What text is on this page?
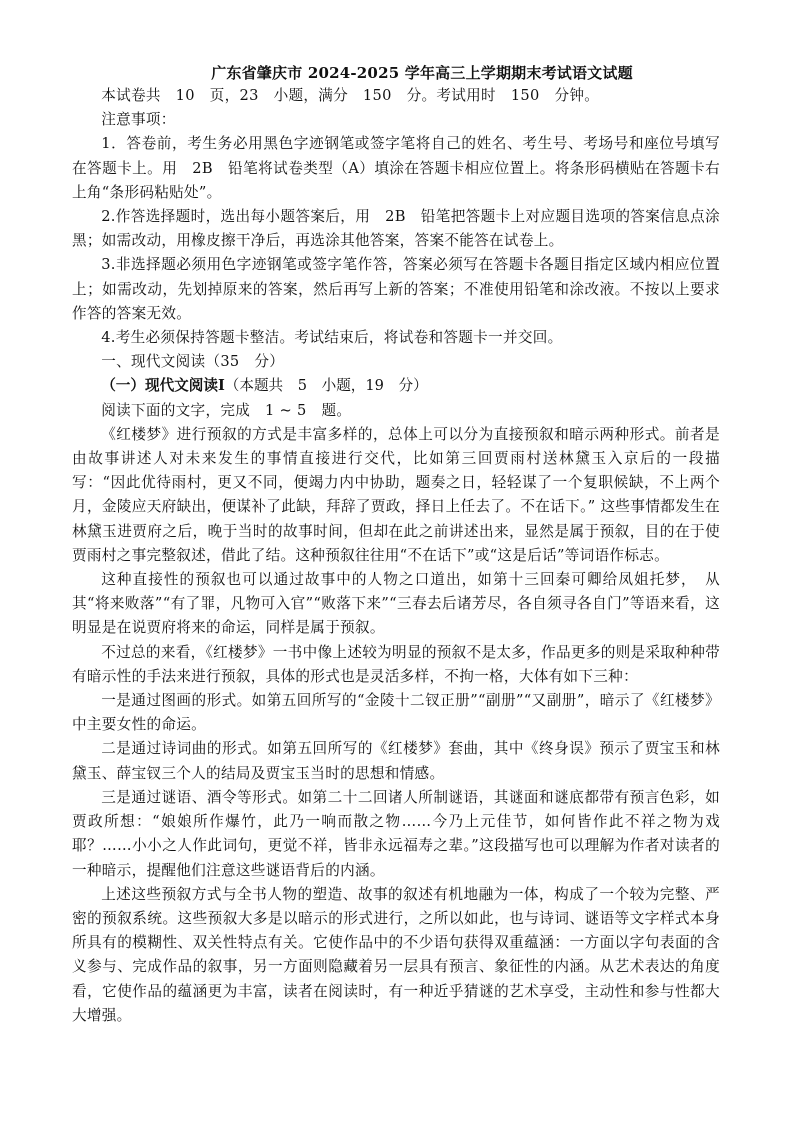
广东省肇庆市 2024-2025 学年高三上学期期末考试语文试题

本试卷共　10　页，23　小题，满分　150　分。考试用时　150　分钟。

注意事项：

1．答卷前，考生务必用黑色字迹钢笔或签字笔将自己的姓名、考生号、考场号和座位号填写在答题卡上。用　2B　铅笔将试卷类型（A）填涂在答题卡相应位置上。将条形码横贴在答题卡右上角“条形码粘贴处”。

2.作答选择题时，选出每小题答案后，用　2B　铅笔把答题卡上对应题目选项的答案信息点涂黑；如需改动，用橡皮擦干净后，再选涂其他答案，答案不能答在试卷上。

3.非选择题必须用色字迹钢笔或签字笔作答，答案必须写在答题卡各题目指定区域内相应位置上；如需改动，先划掉原来的答案，然后再写上新的答案；不准使用铅笔和涂改液。不按以上要求作答的答案无效。

4.考生必须保持答题卡整洁。考试结束后，将试卷和答题卡一并交回。

一、现代文阅读（35　分）

（一）现代文阅读Ⅰ（本题共　5　小题，19　分）

阅读下面的文字，完成　1 ~ 5　题。

《红楼梦》进行预叙的方式是丰富多样的，总体上可以分为直接预叙和暗示两种形式。前者是由故事讲述人对未来发生的事情直接进行交代，比如第三回贾雨村送林黛玉入京后的一段描写：“因此优待雨村，更又不同，便竭力内中协助，题奏之日，轻轻谋了一个复职候缺，不上两个月，金陵应天府缺出，便谋补了此缺，拜辞了贾政，择日上任去了。不在话下。” 这些事情都发生在林黛玉进贾府之后，晚于当时的故事时间，但却在此之前讲述出来，显然是属于预叙，目的在于使贾雨村之事完整叙述，借此了结。这种预叙往往用“不在话下”或“这是后话”等词语作标志。

这种直接性的预叙也可以通过故事中的人物之口道出，如第十三回秦可卿给凤姐托梦，　从其“将来败落”“有了罪，凡物可入官”“败落下来”“三春去后诸芳尽，各自须寻各自门”等语来看，这明显是在说贾府将来的命运，同样是属于预叙。

不过总的来看，《红楼梦》一书中像上述较为明显的预叙不是太多，作品更多的则是采取种种带有暗示性的手法来进行预叙，具体的形式也是灵活多样，不拘一格，大体有如下三种：

一是通过图画的形式。如第五回所写的“金陵十二钗正册”“副册”“又副册”，暗示了《红楼梦》中主要女性的命运。

二是通过诗词曲的形式。如第五回所写的《红楼梦》套曲，其中《终身误》预示了贾宝玉和林黛玉、薛宝钗三个人的结局及贾宝玉当时的思想和情感。

三是通过谜语、酒令等形式。如第二十二回诸人所制谜语，其谜面和谜底都带有预言色彩，如贾政所想：“娘娘所作爆竹，此乃一响而散之物……今乃上元佳节，如何皆作此不祥之物为戏耶？……小小之人作此词句，更觉不祥，皆非永远福寿之辈。”这段描写也可以理解为作者对读者的一种暗示，提醒他们注意这些谜语背后的内涵。

上述这些预叙方式与全书人物的塑造、故事的叙述有机地融为一体，构成了一个较为完整、严密的预叙系统。这些预叙大多是以暗示的形式进行，之所以如此，也与诗词、谜语等文字样式本身所具有的模糊性、双关性特点有关。它使作品中的不少语句获得双重蕴涵：一方面以字句表面的含义参与、完成作品的叙事，另一方面则隐藏着另一层具有预言、象征性的内涵。从艺术表达的角度看，它使作品的蕴涵更为丰富，读者在阅读时，有一种近乎猜谜的艺术享受，主动性和参与性都大大增强。
